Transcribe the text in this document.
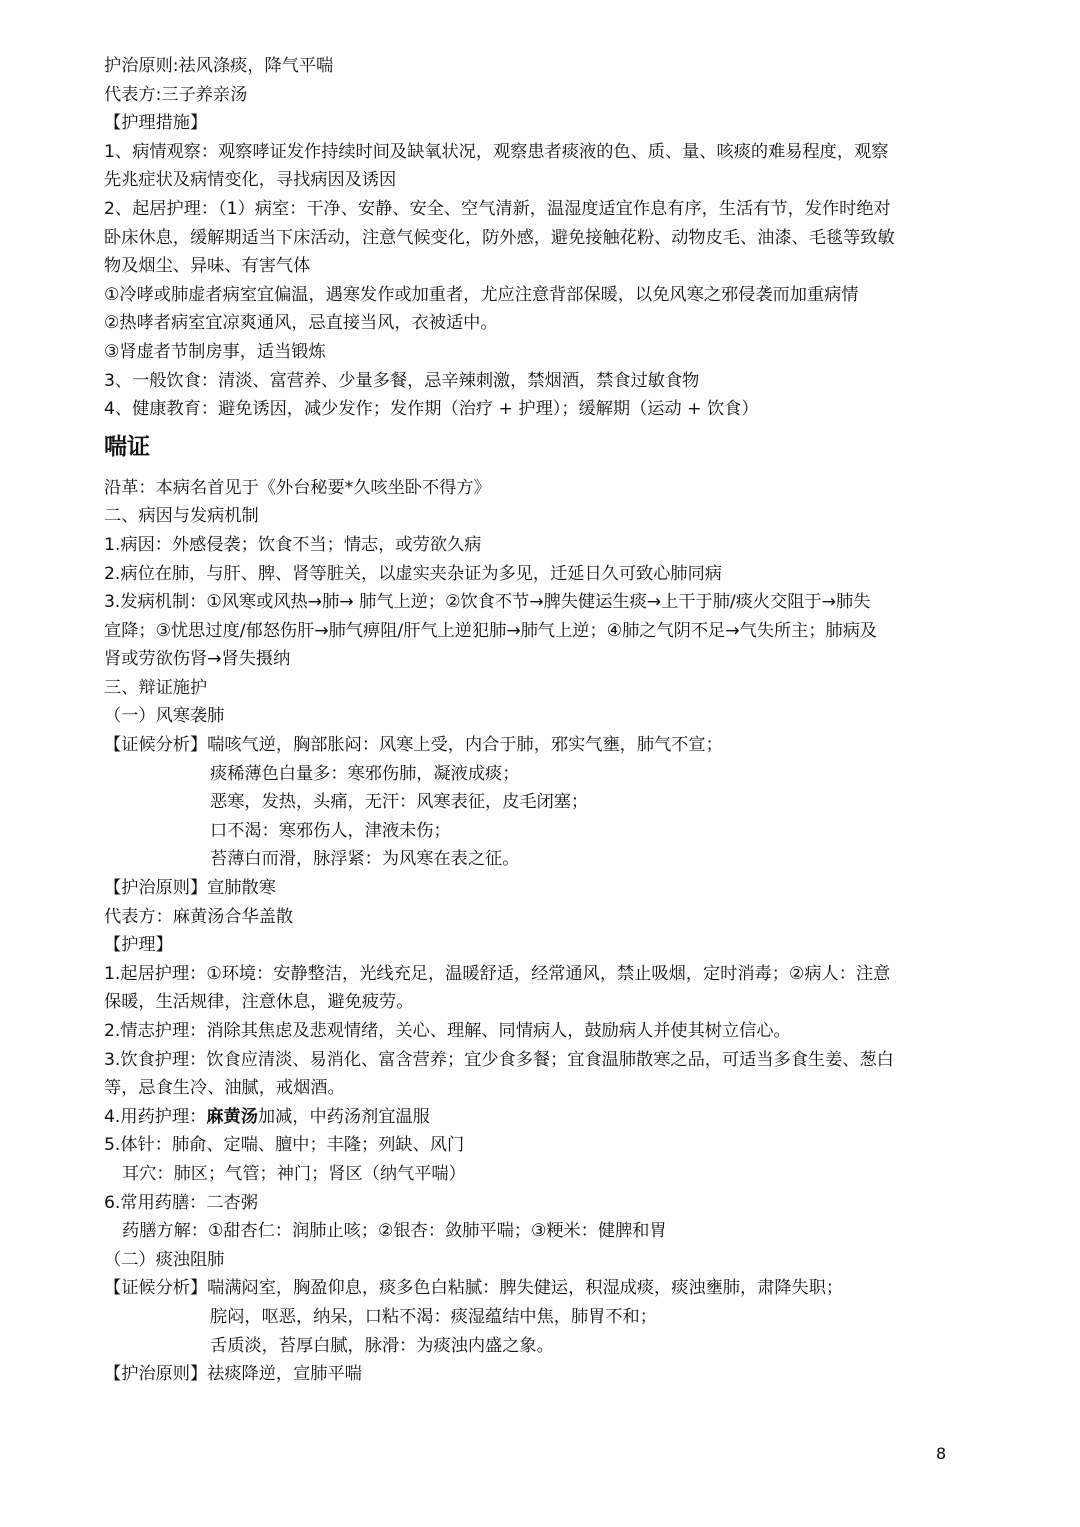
护治原则:祛风涤痰，降气平喘

代表方:三子养亲汤

【护理措施】

1、病情观察：观察哮证发作持续时间及缺氧状况，观察患者痰液的色、质、量、咳痰的难易程度，观察

先兆症状及病情变化，寻找病因及诱因

2、起居护理：（1）病室：干净、安静、安全、空气清新，温湿度适宜作息有序，生活有节，发作时绝对

卧床休息，缓解期适当下床活动，注意气候变化，防外感，避免接触花粉、动物皮毛、油漆、毛毯等致敏

物及烟尘、异味、有害气体

①冷哮或肺虚者病室宜偏温，遇寒发作或加重者，尤应注意背部保暖，以免风寒之邪侵袭而加重病情

②热哮者病室宜凉爽通风，忌直接当风，衣被适中。

③肾虚者节制房事，适当锻炼

3、一般饮食：清淡、富营养、少量多餐，忌辛辣刺激，禁烟酒，禁食过敏食物

4、健康教育：避免诱因，减少发作；发作期（治疗 + 护理）；缓解期（运动 + 饮食）

喘证

沿革：本病名首见于《外台秘要*久咳坐卧不得方》

二、病因与发病机制

1.病因：外感侵袭；饮食不当；情志，或劳欲久病

2.病位在肺，与肝、脾、肾等脏关，以虚实夹杂证为多见，迁延日久可致心肺同病

3.发病机制：①风寒或风热→肺→ 肺气上逆；②饮食不节→脾失健运生痰→上干于肺/痰火交阻于→肺失

宣降；③忧思过度/郁怒伤肝→肺气痹阻/肝气上逆犯肺→肺气上逆；④肺之气阴不足→气失所主；肺病及

肾或劳欲伤肾→肾失摄纳

三、辩证施护

（一）风寒袭肺

【证候分析】喘咳气逆，胸部胀闷：风寒上受，内合于肺，邪实气壅，肺气不宣；

痰稀薄色白量多：寒邪伤肺，凝液成痰；
恶寒，发热，头痛，无汗：风寒表征，皮毛闭塞；
口不渴：寒邪伤人，津液未伤；
苔薄白而滑，脉浮紧：为风寒在表之征。

【护治原则】宣肺散寒

代表方：麻黄汤合华盖散

【护理】

1.起居护理：①环境：安静整洁，光线充足，温暖舒适，经常通风，禁止吸烟，定时消毒；②病人：注意

保暖，生活规律，注意休息，避免疲劳。

2.情志护理：消除其焦虑及悲观情绪，关心、理解、同情病人，鼓励病人并使其树立信心。

3.饮食护理：饮食应清淡、易消化、富含营养；宜少食多餐；宜食温肺散寒之品，可适当多食生姜、葱白

等，忌食生冷、油腻，戒烟酒。

4.用药护理：麻黄汤加减，中药汤剂宜温服

5.体针：肺俞、定喘、膻中；丰隆；列缺、风门

耳穴：肺区；气管；神门；肾区（纳气平喘）

6.常用药膳：二杏粥

药膳方解：①甜杏仁：润肺止咳；②银杏：敛肺平喘；③粳米：健脾和胃

（二）痰浊阻肺

【证候分析】喘满闷室，胸盈仰息，痰多色白粘腻：脾失健运，积湿成痰，痰浊壅肺，肃降失职；

脘闷，呕恶，纳呆，口粘不渴：痰湿蕴结中焦，肺胃不和；
舌质淡，苔厚白腻，脉滑：为痰浊内盛之象。

【护治原则】祛痰降逆，宣肺平喘

8
